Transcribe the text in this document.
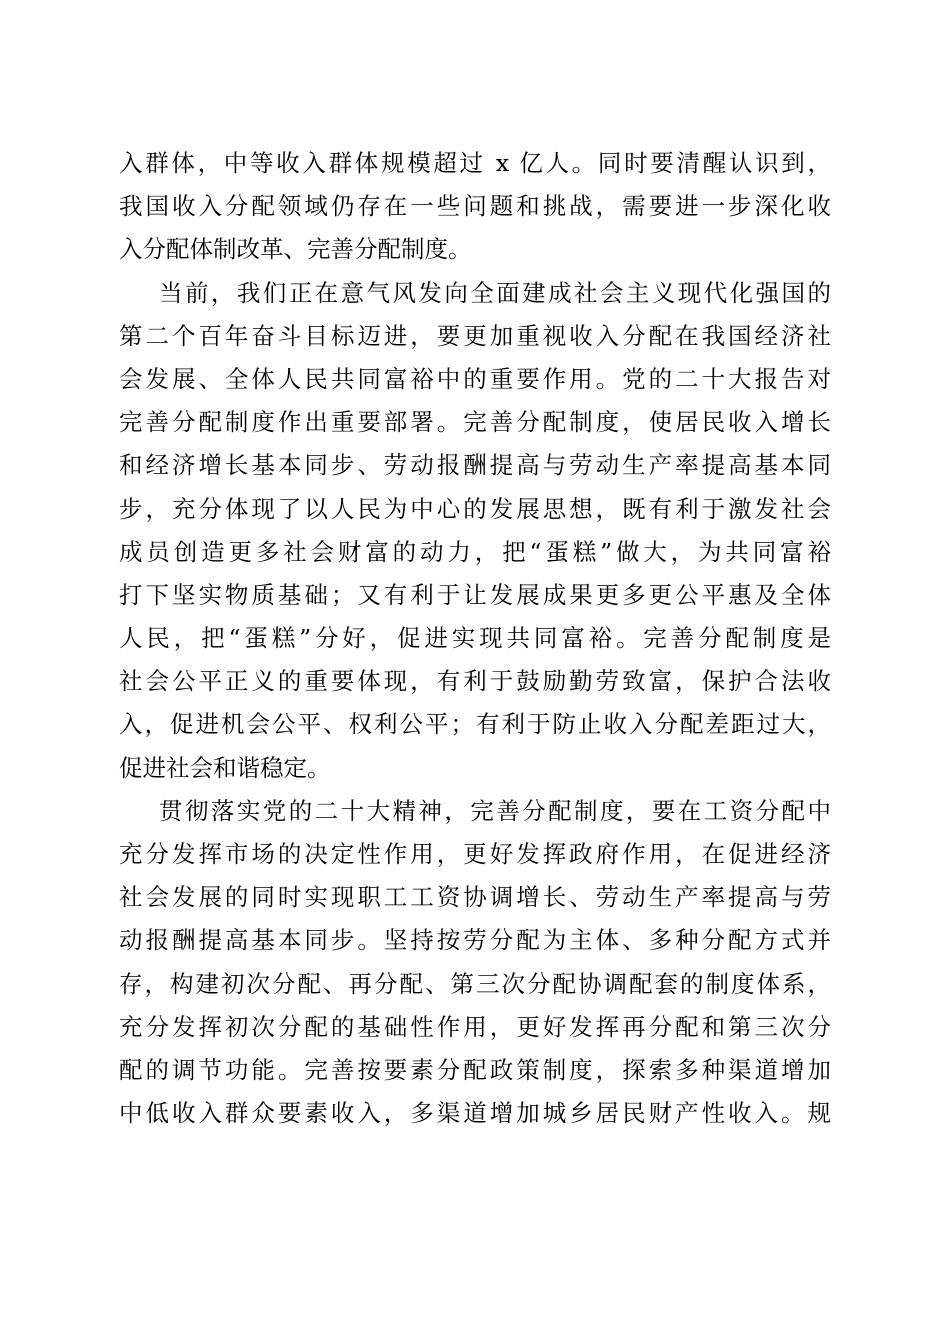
入群体，中等收入群体规模超过 x 亿人。同时要清醒认识到，
我国收入分配领域仍存在一些问题和挑战，需要进一步深化收
入分配体制改革、完善分配制度。
当前，我们正在意气风发向全面建成社会主义现代化强国的
第二个百年奋斗目标迈进，要更加重视收入分配在我国经济社
会发展、全体人民共同富裕中的重要作用。党的二十大报告对
完善分配制度作出重要部署。完善分配制度，使居民收入增长
和经济增长基本同步、劳动报酬提高与劳动生产率提高基本同
步，充分体现了以人民为中心的发展思想，既有利于激发社会
成员创造更多社会财富的动力，把“蛋糕”做大，为共同富裕
打下坚实物质基础；又有利于让发展成果更多更公平惠及全体
人民，把“蛋糕”分好，促进实现共同富裕。完善分配制度是
社会公平正义的重要体现，有利于鼓励勤劳致富，保护合法收
入，促进机会公平、权利公平；有利于防止收入分配差距过大，
促进社会和谐稳定。
贯彻落实党的二十大精神，完善分配制度，要在工资分配中
充分发挥市场的决定性作用，更好发挥政府作用，在促进经济
社会发展的同时实现职工工资协调增长、劳动生产率提高与劳
动报酬提高基本同步。坚持按劳分配为主体、多种分配方式并
存，构建初次分配、再分配、第三次分配协调配套的制度体系，
充分发挥初次分配的基础性作用，更好发挥再分配和第三次分
配的调节功能。完善按要素分配政策制度，探索多种渠道增加
中低收入群众要素收入，多渠道增加城乡居民财产性收入。规
